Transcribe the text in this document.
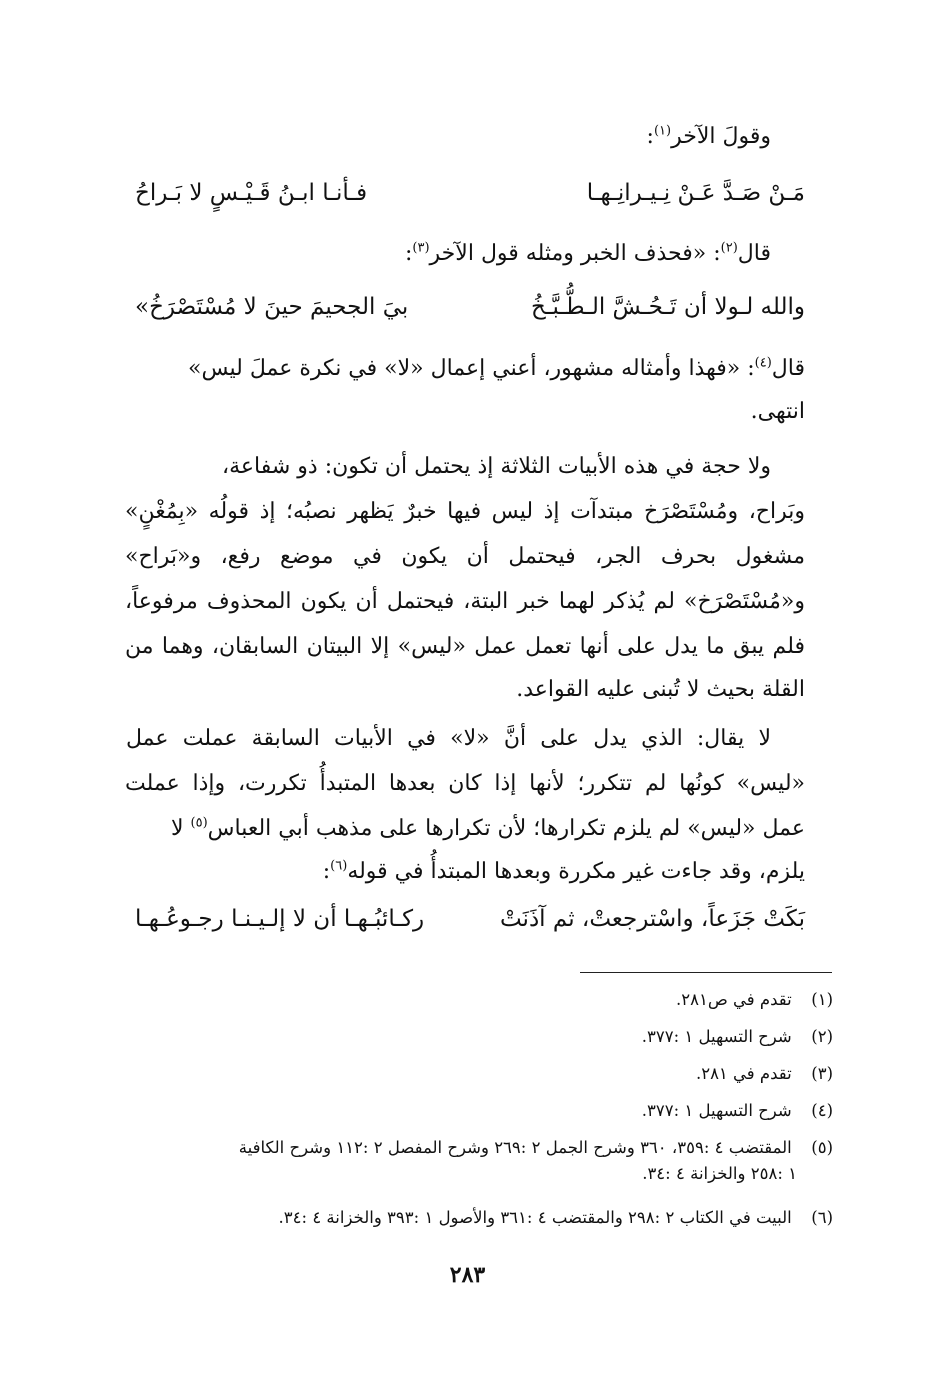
وقولَ الآخر$^{(١)}$:
مَـنْ صَـدَّ عَـنْ نِـيـرانِـهـا
فـأنـا ابـنُ قَـيْـسٍ لا بَـراحُ
قال$^{(٢)}$: «فحذف الخبر ومثله قول الآخر$^{(٣)}$:
والله لـولا أن تَـحُـشَّ الـطُّـبَّـخُ
بيَ الجحيمَ حينَ لا مُسْتَصْرَخُ»
قال$^{(٤)}$: «فهذا وأمثاله مشهور، أعني إعمال «لا» في نكرة عملَ ليس»
انتهى.
ولا حجة في هذه الأبيات الثلاثة إذ يحتمل أن تكون: ذو شفاعة،
وبَراح، ومُسْتَصْرَخ مبتدآت إذ ليس فيها خبرٌ يَظهر نصبُه؛ إذ قولُه «بِمُغْنٍ»
مشغول بحرف الجر، فيحتمل أن يكون في موضع رفع، و«بَراح»
و«مُسْتَصْرَخ» لم يُذكر لهما خبر البتة، فيحتمل أن يكون المحذوف مرفوعاً،
فلم يبق ما يدل على أنها تعمل عمل «ليس» إلا البيتان السابقان، وهما من
القلة بحيث لا تُبنى عليه القواعد.
لا يقال: الذي يدل على أنَّ «لا» في الأبيات السابقة عملت عمل
«ليس» كونُها لم تتكرر؛ لأنها إذا كان بعدها المتبدأُ تكررت، وإذا عملت
عمل «ليس» لم يلزم تكرارها؛ لأن تكرارها على مذهب أبي العباس$^{(٥)}$ لا
يلزم، وقد جاءت غير مكررة وبعدها المبتدأُ في قوله$^{(٦)}$:
بَكَتْ جَزَعاً، واسْترجعتْ، ثم آذَنَتْ
ركـائبُـهـا أن لا إلـيـنـا رجـوعُـهـا
(١) تقدم في ص٢٨١.
(٢) شرح التسهيل ١ :٣٧٧.
(٣) تقدم في ٢٨١.
(٤) شرح التسهيل ١ :٣٧٧.
(٥) المقتضب ٤ :٣٥٩، ٣٦٠ وشرح الجمل ٢ :٢٦٩ وشرح المفصل ٢ :١١٢ وشرح الكافية
١ :٢٥٨ والخزانة ٤ :٣٤.
(٦) البيت في الكتاب ٢ :٢٩٨ والمقتضب ٤ :٣٦١ والأصول ١ :٣٩٣ والخزانة ٤ :٣٤.
٢٨٣
